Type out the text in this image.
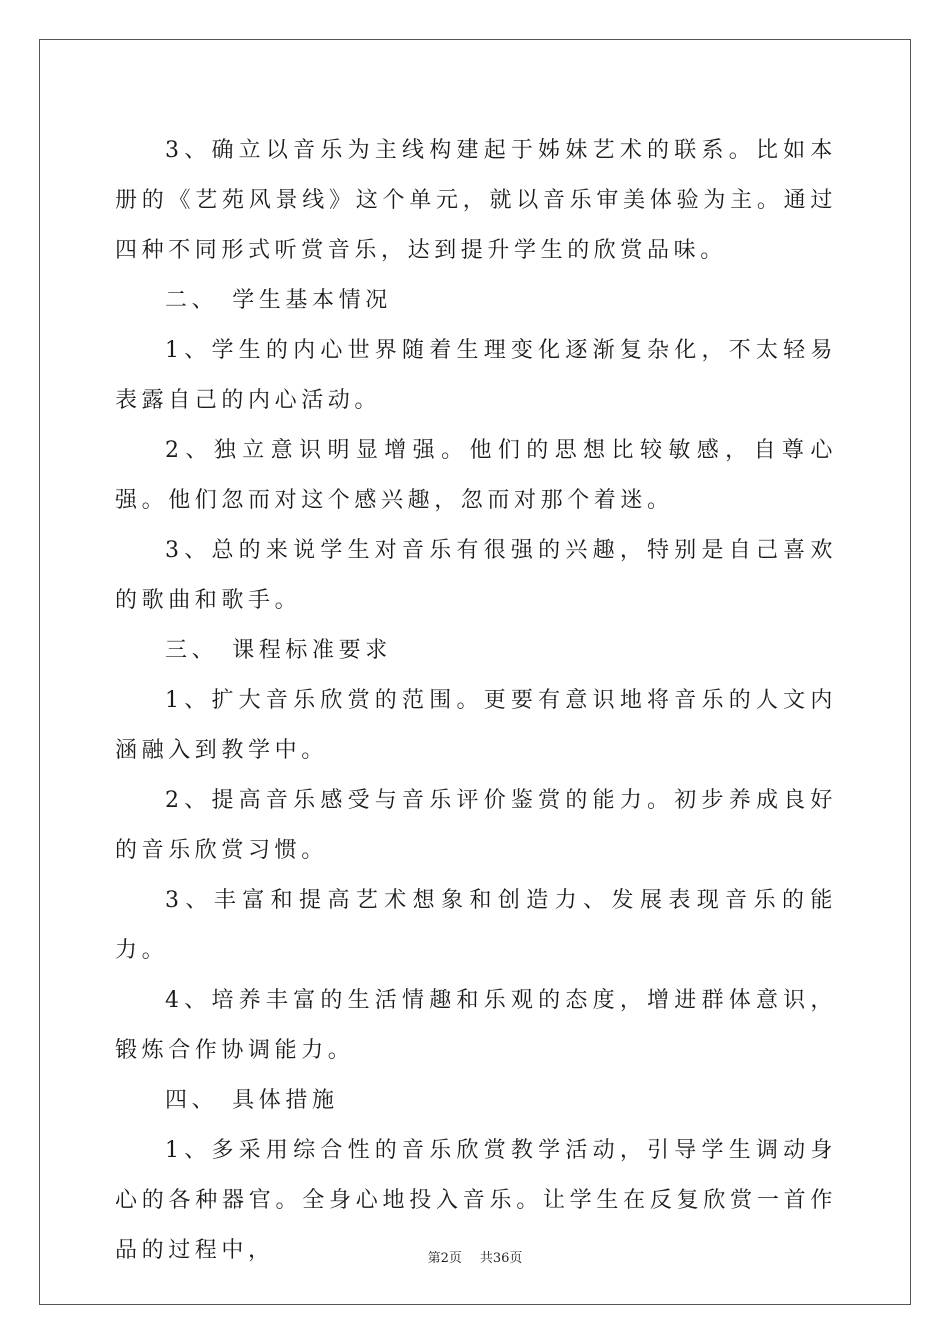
3、确立以音乐为主线构建起于姊妹艺术的联系。比如本册的《艺苑风景线》这个单元，就以音乐审美体验为主。通过四种不同形式听赏音乐，达到提升学生的欣赏品味。

二、 学生基本情况

1、学生的内心世界随着生理变化逐渐复杂化，不太轻易表露自己的内心活动。

2、独立意识明显增强。他们的思想比较敏感，自尊心强。他们忽而对这个感兴趣，忽而对那个着迷。

3、总的来说学生对音乐有很强的兴趣，特别是自己喜欢的歌曲和歌手。

三、 课程标准要求

1、扩大音乐欣赏的范围。更要有意识地将音乐的人文内涵融入到教学中。

2、提高音乐感受与音乐评价鉴赏的能力。初步养成良好的音乐欣赏习惯。

3、丰富和提高艺术想象和创造力、发展表现音乐的能力。

4、培养丰富的生活情趣和乐观的态度，增进群体意识，锻炼合作协调能力。

四、 具体措施

1、多采用综合性的音乐欣赏教学活动，引导学生调动身心的各种器官。全身心地投入音乐。让学生在反复欣赏一首作品的过程中，	第2页 共36页
